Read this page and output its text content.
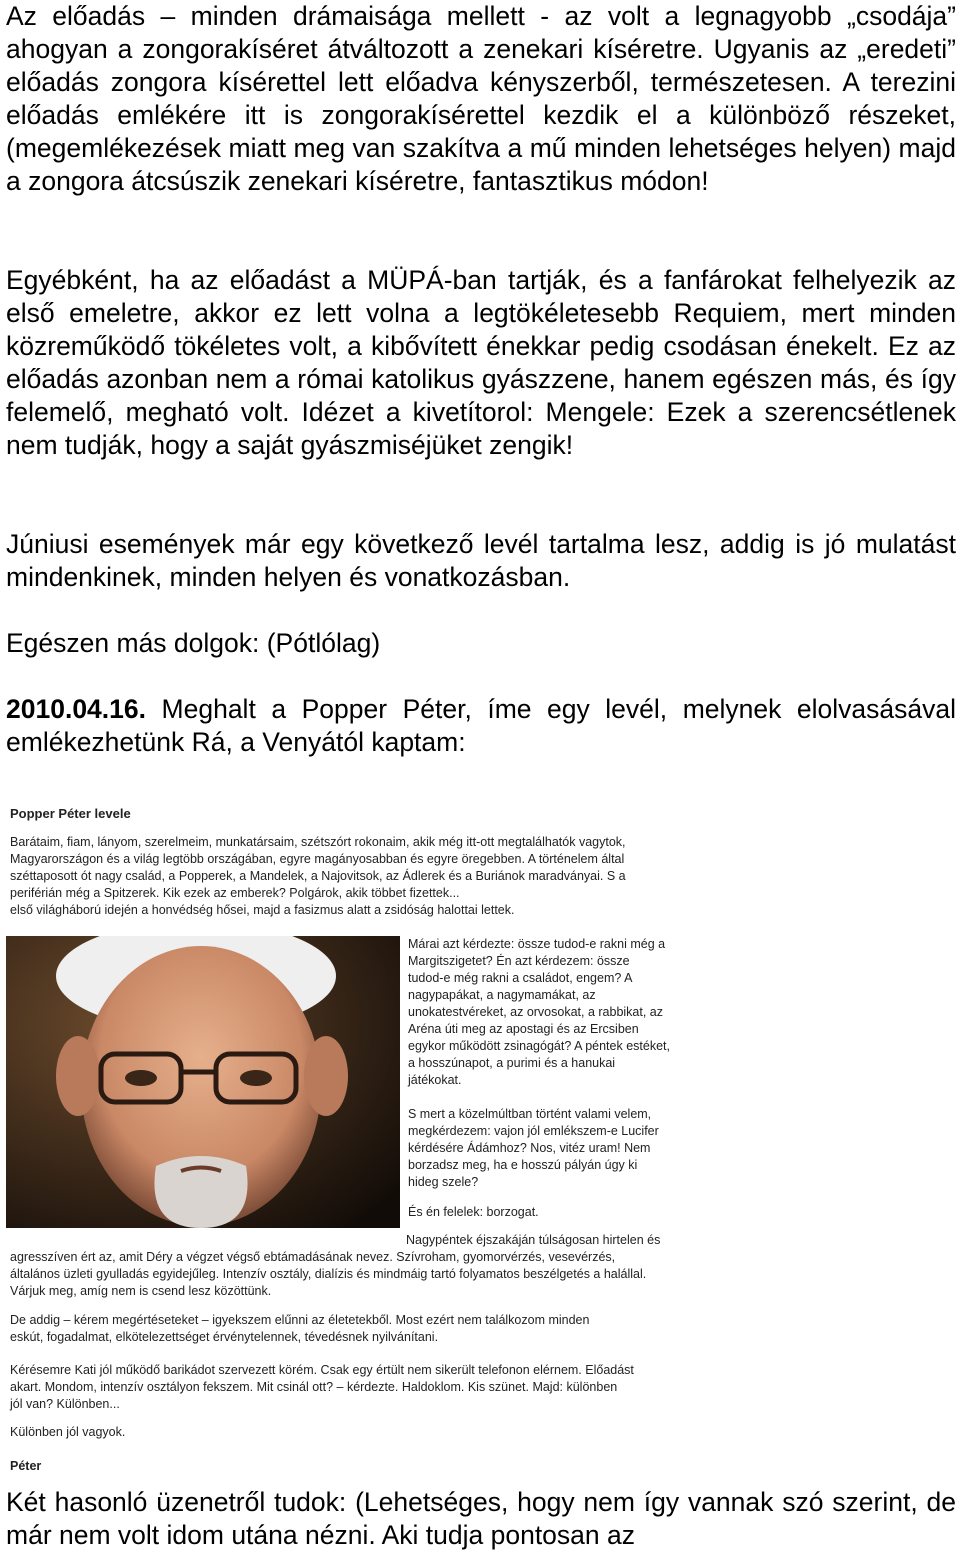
Az előadás – minden drámaisága mellett - az volt a legnagyobb „csodája” ahogyan a zongorakíséret átváltozott a zenekari kíséretre. Ugyanis az „eredeti” előadás zongora kísérettel lett előadva kényszerből, természetesen. A terezini előadás emlékére itt is zongorakísérettel kezdik el a különböző részeket, (megemlékezések miatt meg van szakítva a mű minden lehetséges helyen) majd a zongora átcsúszik zenekari kíséretre, fantasztikus módon!

Egyébként, ha az előadást a MÜPÁ-ban tartják, és a fanfárokat felhelyezik az első emeletre, akkor ez lett volna a legtökéletesebb Requiem, mert minden közreműködő tökéletes volt, a kibővített énekkar pedig csodásan énekelt. Ez az előadás azonban nem a római katolikus gyászzene, hanem egészen más, és így felemelő, megható volt. Idézet a kivetítorol: Mengele: Ezek a szerencsétlenek nem tudják, hogy a saját gyászmiséjüket zengik!

Júniusi események már egy következő levél tartalma lesz, addig is jó mulatást mindenkinek, minden helyen és vonatkozásban.

Egészen más dolgok: (Pótlólag)

2010.04.16. Meghalt a Popper Péter, íme egy levél, melynek elolvasásával emlékezhetünk Rá, a Venyától kaptam:

Popper Péter levele
Barátaim, fiam, lányom, szerelmeim, munkatársaim, szétszórt rokonaim, akik még itt-ott megtalálhatók vagytok,
Magyarországon és a világ legtöbb országában, egyre magányosabban és egyre öregebben. A történelem által
széttaposott ót nagy család, a Popperek, a Mandelek, a Najovitsok, az Ádlerek és a Buriánok maradványai. S a
periférián még a Spitzerek. Kik ezek az emberek? Polgárok, akik többet fizettek...
első világháború idején a honvédség hősei, majd a fasizmus alatt a zsidóság halottai lettek.
Márai azt kérdezte: össze tudod-e rakni még a
Margitszigetet? Én azt kérdezem: össze
tudod-e még rakni a családot, engem? A
nagypapákat, a nagymamákat, az
unokatestvéreket, az orvosokat, a rabbikat, az
Aréna úti meg az apostagi és az Ercsiben
egykor működött zsinagógát? A péntek estéket,
a hosszúnapot, a purimi és a hanukai
játékokat.
S mert a közelmúltban történt valami velem,
megkérdezem: vajon jól emlékszem-e Lucifer
kérdésére Ádámhoz? Nos, vitéz uram! Nem
borzadsz meg, ha e hosszú pályán úgy ki
hideg szele?
És én felelek: borzogat.
Nagypéntek éjszakáján túlságosan hirtelen és
agresszíven ért az, amit Déry a végzet végső ebtámadásának nevez. Szívroham, gyomorvérzés, vesevérzés,
általános üzleti gyulladás egyidejűleg. Intenzív osztály, dialízis és mindmáig tartó folyamatos beszélgetés a halállal.
Várjuk meg, amíg nem is csend lesz közöttünk.
De addig – kérem megértéseteket – igyekszem elűnni az életetekből. Most ezért nem találkozom minden
eskút, fogadalmat, elkötelezettséget érvénytelennek, tévedésnek nyilvánítani.
Kérésemre Kati jól működő barikádot szervezett körém. Csak egy értült nem sikerült telefonon elérnem. Előadást
akart. Mondom, intenzív osztályon fekszem. Mit csinál ott? – kérdezte. Haldoklom. Kis szünet. Majd: különben
jól van? Különben...
Különben jól vagyok.
Péter

Két hasonló üzenetről tudok: (Lehetséges, hogy nem így vannak szó szerint, de már nem volt idom utána nézni. Aki tudja pontosan az
